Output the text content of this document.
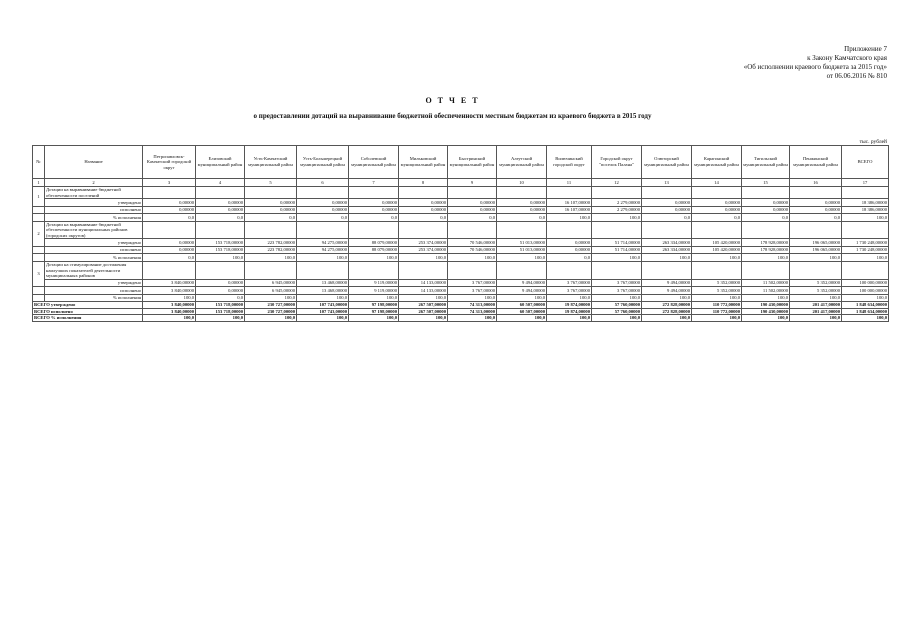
Приложение 7
к Закону Камчатского края
«Об исполнении краевого бюджета за 2015 год»
от 06.06.2016 № 810
О Т Ч Е Т
о предоставлении дотаций на выравнивание бюджетной обеспеченности местным бюджетам из краевого бюджета в 2015 году
тыс. рублей
№	Название	Петропавловск-Камчатский городской округ	Елизовский муниципальный район	Усть-Камчатский муниципальный район	Усть-Большерецкий муниципальный район	Соболевский муниципальный район	Мильковский муниципальный район	Быстринский муниципальный район	Алеутский муниципальный район	Вилючинский городской округ	Городской округ "поселок Палана"	Олюторский муниципальный район	Карагинский муниципальный район	Тигильский муниципальный район	Пенжинский муниципальный район	ВСЕГО
1	2	3	4	5	6	7	8	9	10	11	12	13	14	15	16	17
1	Дотации на выравнивание бюджетной обеспеченности поселений															
	утверждено	0,00000	0,00000	0,00000	0,00000	0,00000	0,00000	0,00000	0,00000	16 107,00000	2 279,00000	0,00000	0,00000	0,00000	0,00000	18 386,00000
	исполнено	0,00000	0,00000	0,00000	0,00000	0,00000	0,00000	0,00000	0,00000	16 107,00000	2 279,00000	0,00000	0,00000	0,00000	0,00000	18 386,00000
	% исполнения	0,0	0,0	0,0	0,0	0,0	0,0	0,0	0,0	100,0	100,0	0,0	0,0	0,0	0,0	100,0
2	Дотации на выравнивание бюджетной обеспеченности муниципальных районов (городских округов)															
	утверждено	0,00000	153 718,00000	223 782,00000	94 275,00000	88 079,00000	253 374,00000	70 546,00000	51 013,00000	0,00000	51 714,00000	263 334,00000	105 420,00000	178 928,00000	196 065,00000	1 730 248,00000
	исполнено	0,00000	153 718,00000	223 782,00000	94 275,00000	88 079,00000	253 374,00000	70 546,00000	51 013,00000	0,00000	51 714,00000	263 334,00000	105 420,00000	178 928,00000	196 065,00000	1 730 248,00000
	% исполнения	0,0	100,0	100,0	100,0	100,0	100,0	100,0	100,0	0,0	100,0	100,0	100,0	100,0	100,0	100,0
3	Дотации на стимулирование достижения наилучших показателей деятельности муниципальных районов															
	утверждено	3 840,00000	0,00000	6 945,00000	13 468,00000	9 119,00000	14 133,00000	3 767,00000	9 494,00000	3 767,00000	3 767,00000	9 494,00000	5 352,00000	11 502,00000	5 352,00000	100 000,00000
	исполнено	3 840,00000	0,00000	6 945,00000	13 468,00000	9 119,00000	14 133,00000	3 767,00000	9 494,00000	3 767,00000	3 767,00000	9 494,00000	5 352,00000	11 502,00000	5 352,00000	100 000,00000
	% исполнения	100,0	0,0	100,0	100,0	100,0	100,0	100,0	100,0	100,0	100,0	100,0	100,0	100,0	100,0	100,0
ВСЕГО утверждено		3 840,00000	153 718,00000	230 727,00000	107 743,00000	97 198,00000	267 507,00000	74 313,00000	60 507,00000	19 874,00000	57 760,00000	272 828,00000	110 772,00000	190 430,00000	201 417,00000	1 848 634,00000
ВСЕГО исполнено		3 840,00000	153 718,00000	230 727,00000	107 743,00000	97 198,00000	267 507,00000	74 313,00000	60 507,00000	19 874,00000	57 760,00000	272 828,00000	110 772,00000	190 430,00000	201 417,00000	1 848 634,00000
ВСЕГО % исполнения		100,0	100,0	100,0	100,0	100,0	100,0	100,0	100,0	100,0	100,0	100,0	100,0	100,0	100,0	100,0
